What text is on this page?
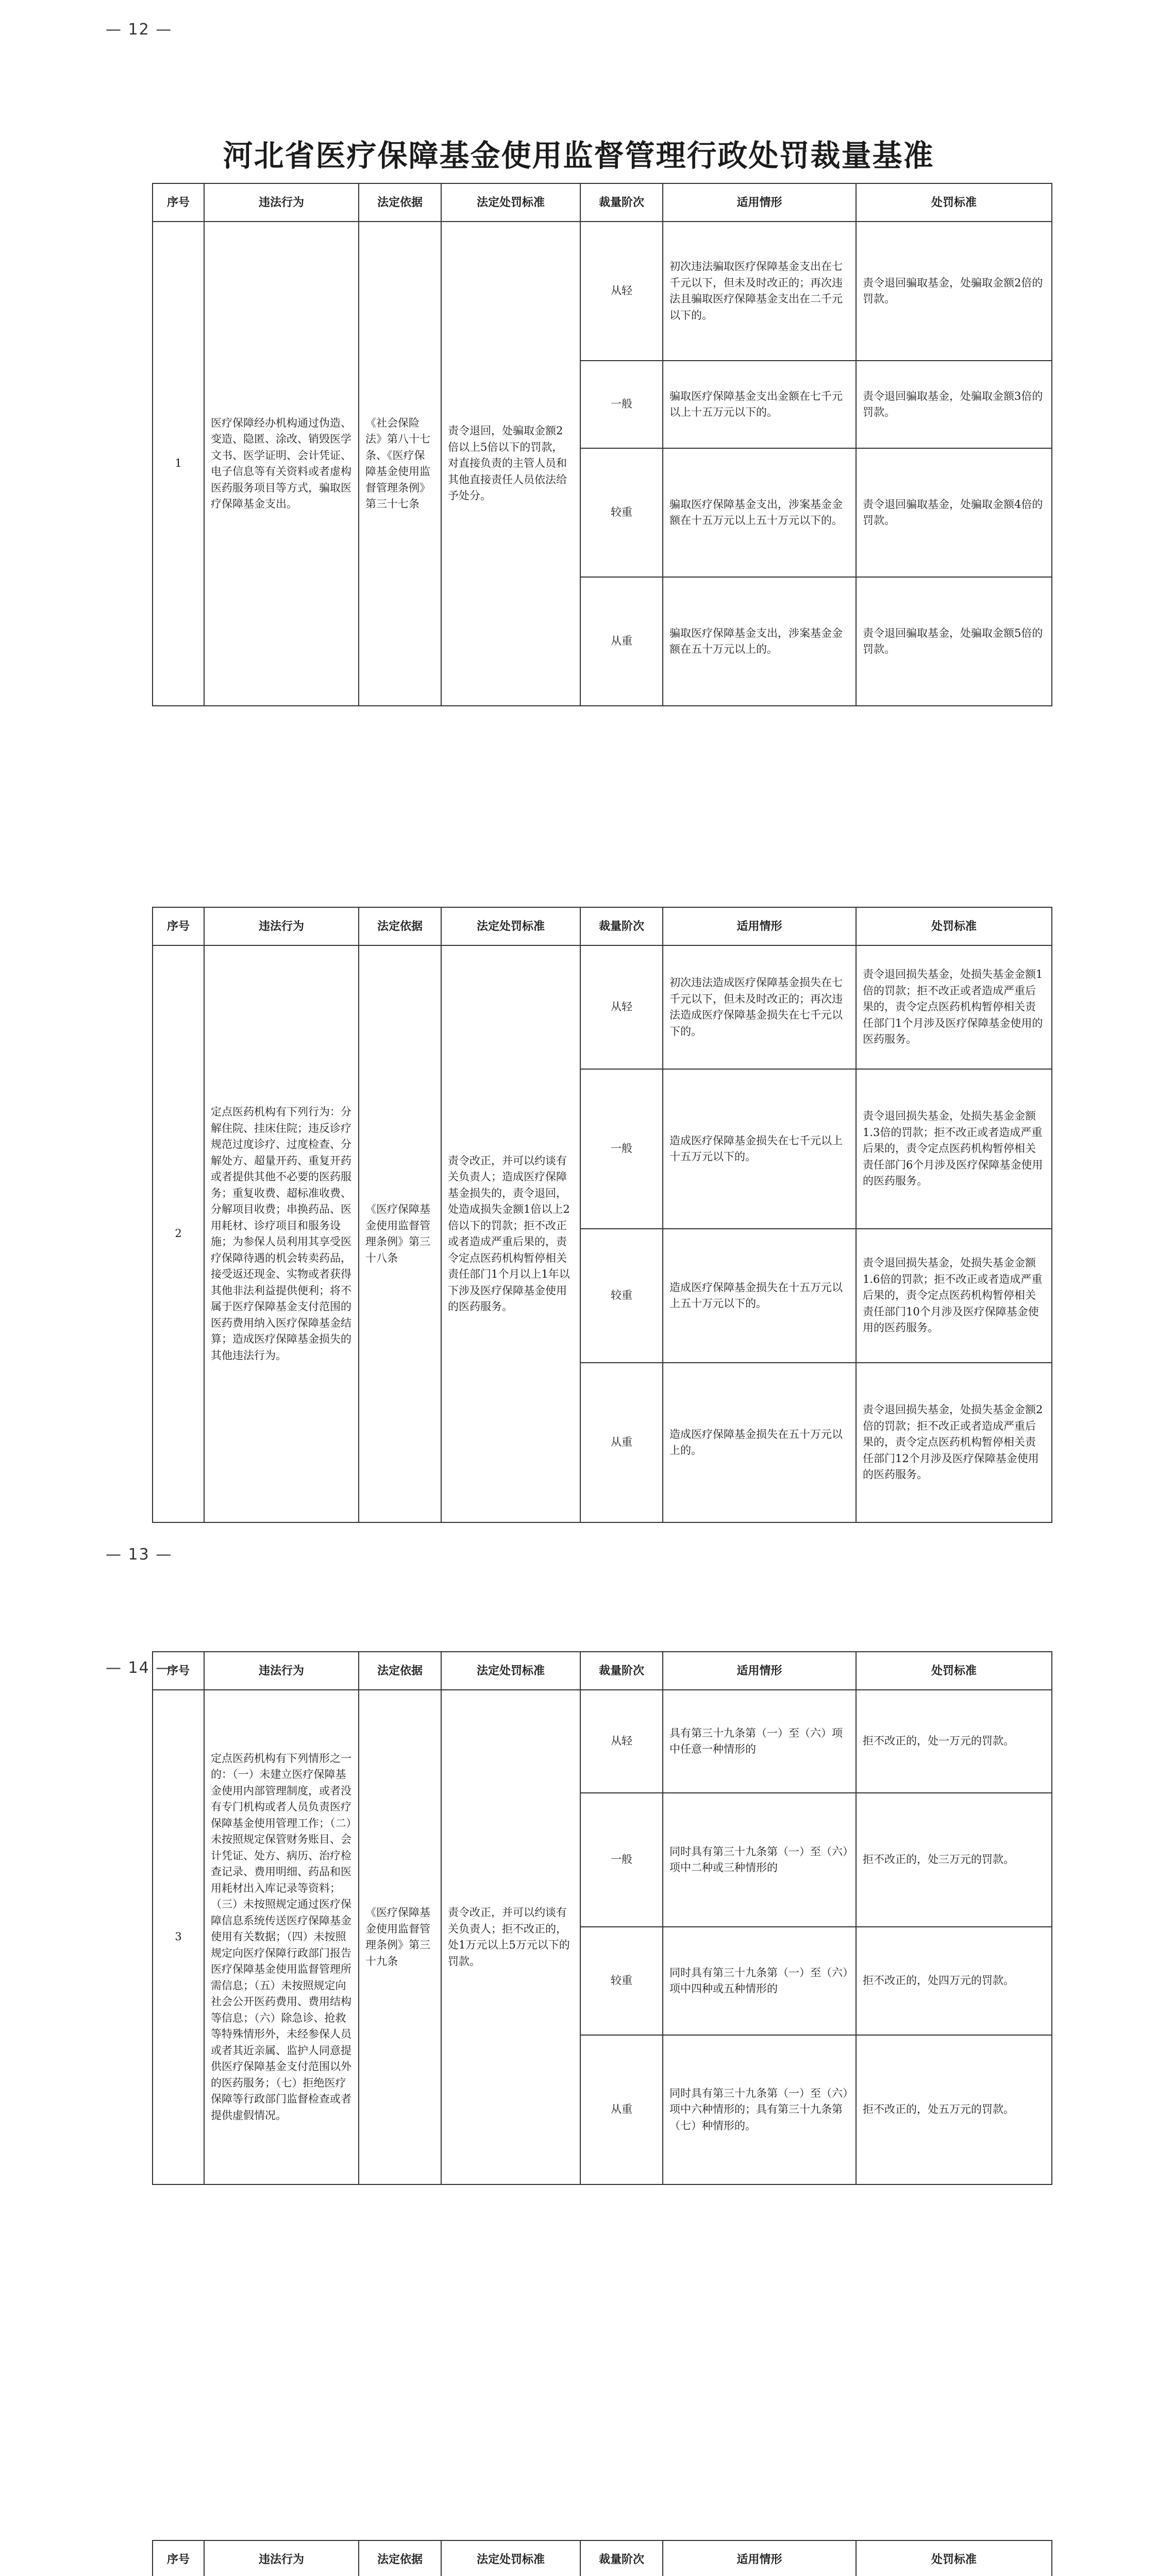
— 12 —
河北省医疗保障基金使用监督管理行政处罚裁量基准
— 13 —
— 14 —
序号	违法行为	法定依据	法定处罚标准	裁量阶次	适用情形	处罚标准
1	医疗保障经办机构通过伪造、变造、隐匿、涂改、销毁医学文书、医学证明、会计凭证、电子信息等有关资料或者虚构医药服务项目等方式，骗取医疗保障基金支出。	《社会保险法》第八十七条、《医疗保障基金使用监督管理条例》第三十七条	责令退回，处骗取金额2倍以上5倍以下的罚款，对直接负责的主管人员和其他直接责任人员依法给予处分。	从轻	初次违法骗取医疗保障基金支出在七千元以下，但未及时改正的；再次违法且骗取医疗保障基金支出在二千元以下的。	责令退回骗取基金，处骗取金额2倍的罚款。
				一般	骗取医疗保障基金支出金额在七千元以上十五万元以下的。	责令退回骗取基金，处骗取金额3倍的罚款。
				较重	骗取医疗保障基金支出，涉案基金金额在十五万元以上五十万元以下的。	责令退回骗取基金，处骗取金额4倍的罚款。
				从重	骗取医疗保障基金支出，涉案基金金额在五十万元以上的。	责令退回骗取基金，处骗取金额5倍的罚款。
序号	违法行为	法定依据	法定处罚标准	裁量阶次	适用情形	处罚标准
2	定点医药机构有下列行为：分解住院、挂床住院；违反诊疗规范过度诊疗、过度检查、分解处方、超量开药、重复开药或者提供其他不必要的医药服务；重复收费、超标准收费、分解项目收费；串换药品、医用耗材、诊疗项目和服务设施；为参保人员利用其享受医疗保障待遇的机会转卖药品，接受返还现金、实物或者获得其他非法利益提供便利；将不属于医疗保障基金支付范围的医药费用纳入医疗保障基金结算；造成医疗保障基金损失的其他违法行为。	《医疗保障基金使用监督管理条例》第三十八条	责令改正，并可以约谈有关负责人；造成医疗保障基金损失的，责令退回，处造成损失金额1倍以上2倍以下的罚款；拒不改正或者造成严重后果的，责令定点医药机构暂停相关责任部门1个月以上1年以下涉及医疗保障基金使用的医药服务。	从轻	初次违法造成医疗保障基金损失在七千元以下，但未及时改正的；再次违法造成医疗保障基金损失在七千元以下的。	责令退回损失基金，处损失基金金额1倍的罚款；拒不改正或者造成严重后果的，责令定点医药机构暂停相关责任部门1个月涉及医疗保障基金使用的医药服务。
				一般	造成医疗保障基金损失在七千元以上十五万元以下的。	责令退回损失基金，处损失基金金额1.3倍的罚款；拒不改正或者造成严重后果的，责令定点医药机构暂停相关责任部门6个月涉及医疗保障基金使用的医药服务。
				较重	造成医疗保障基金损失在十五万元以上五十万元以下的。	责令退回损失基金，处损失基金金额1.6倍的罚款；拒不改正或者造成严重后果的，责令定点医药机构暂停相关责任部门10个月涉及医疗保障基金使用的医药服务。
				从重	造成医疗保障基金损失在五十万元以上的。	责令退回损失基金，处损失基金金额2倍的罚款；拒不改正或者造成严重后果的，责令定点医药机构暂停相关责任部门12个月涉及医疗保障基金使用的医药服务。
序号	违法行为	法定依据	法定处罚标准	裁量阶次	适用情形	处罚标准
3	定点医药机构有下列情形之一的：（一）未建立医疗保障基金使用内部管理制度，或者没有专门机构或者人员负责医疗保障基金使用管理工作；（二）未按照规定保管财务账目、会计凭证、处方、病历、治疗检查记录、费用明细、药品和医用耗材出入库记录等资料；（三）未按照规定通过医疗保障信息系统传送医疗保障基金使用有关数据；（四）未按照规定向医疗保障行政部门报告医疗保障基金使用监督管理所需信息；（五）未按照规定向社会公开医药费用、费用结构等信息；（六）除急诊、抢救等特殊情形外，未经参保人员或者其近亲属、监护人同意提供医疗保障基金支付范围以外的医药服务；（七）拒绝医疗保障等行政部门监督检查或者提供虚假情况。	《医疗保障基金使用监督管理条例》第三十九条	责令改正，并可以约谈有关负责人；拒不改正的，处1万元以上5万元以下的罚款。	从轻	具有第三十九条第（一）至（六）项中任意一种情形的	拒不改正的，处一万元的罚款。
				一般	同时具有第三十九条第（一）至（六）项中二种或三种情形的	拒不改正的，处三万元的罚款。
				较重	同时具有第三十九条第（一）至（六）项中四种或五种情形的	拒不改正的，处四万元的罚款。
				从重	同时具有第三十九条第（一）至（六）项中六种情形的；具有第三十九条第（七）种情形的。	拒不改正的，处五万元的罚款。
序号	违法行为	法定依据	法定处罚标准	裁量阶次	适用情形	处罚标准
